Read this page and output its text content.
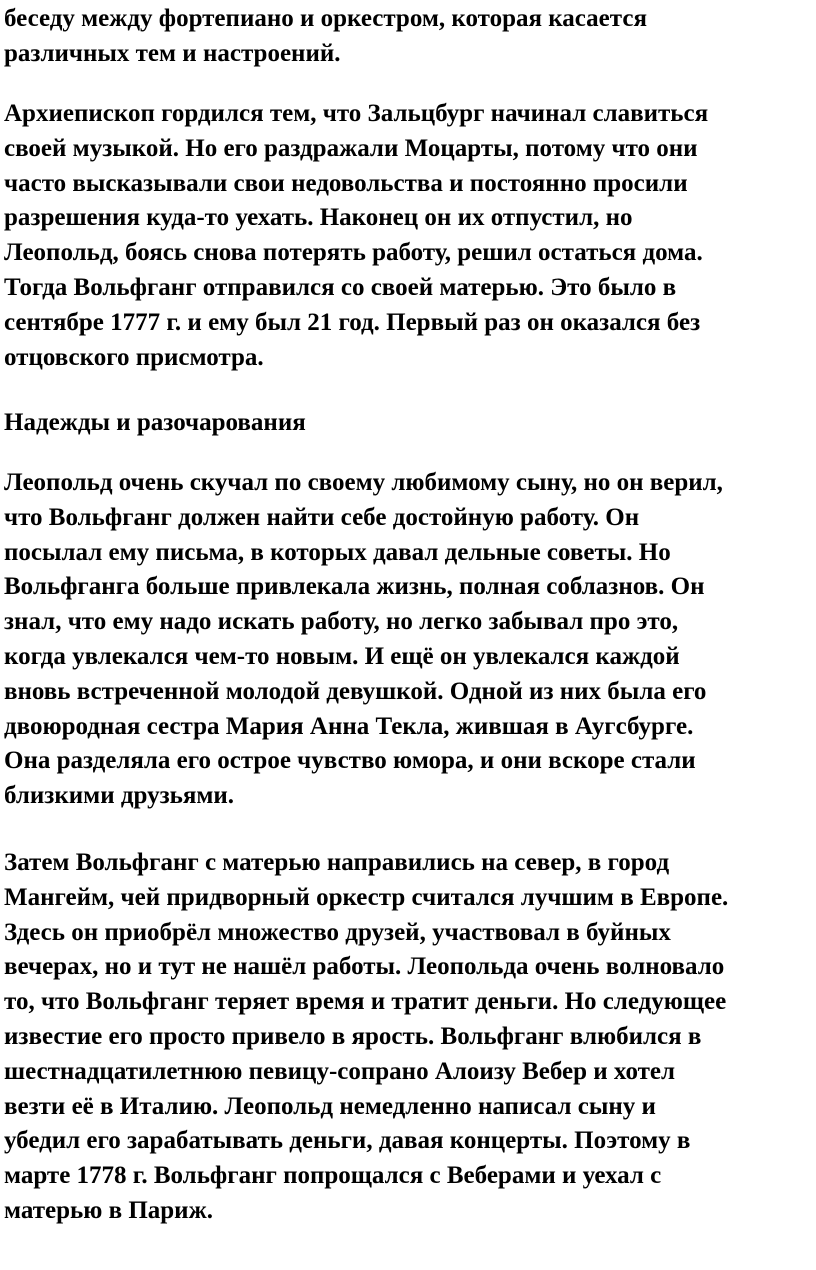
беседу между фортепиано и оркестром, которая касается
различных тем и настроений.

Архиепископ гордился тем, что Зальцбург начинал славиться
своей музыкой. Но его раздражали Моцарты, потому что они
часто высказывали свои недовольства и постоянно просили
разрешения куда-то уехать. Наконец он их отпустил, но
Леопольд, боясь снова потерять работу, решил остаться дома.
Тогда Вольфганг отправился со своей матерью. Это было в
сентябре 1777 г. и ему был 21 год. Первый раз он оказался без
отцовского присмотра.

Надежды и разочарования

Леопольд очень скучал по своему любимому сыну, но он верил,
что Вольфганг должен найти себе достойную работу. Он
посылал ему письма, в которых давал дельные советы. Но
Вольфганга больше привлекала жизнь, полная соблазнов. Он
знал, что ему надо искать работу, но легко забывал про это,
когда увлекался чем-то новым. И ещё он увлекался каждой
вновь встреченной молодой девушкой. Одной из них была его
двоюродная сестра Мария Анна Текла, жившая в Аугсбурге.
Она разделяла его острое чувство юмора, и они вскоре стали
близкими друзьями.

Затем Вольфганг с матерью направились на север, в город
Мангейм, чей придворный оркестр считался лучшим в Европе.
Здесь он приобрёл множество друзей, участвовал в буйных
вечерах, но и тут не нашёл работы. Леопольда очень волновало
то, что Вольфганг теряет время и тратит деньги. Но следующее
известие его просто привело в ярость. Вольфганг влюбился в
шестнадцатилетнюю певицу-сопрано Алоизу Вебер и хотел
везти её в Италию. Леопольд немедленно написал сыну и
убедил его зарабатывать деньги, давая концерты. Поэтому в
марте 1778 г. Вольфганг попрощался с Веберами и уехал с
матерью в Париж.
